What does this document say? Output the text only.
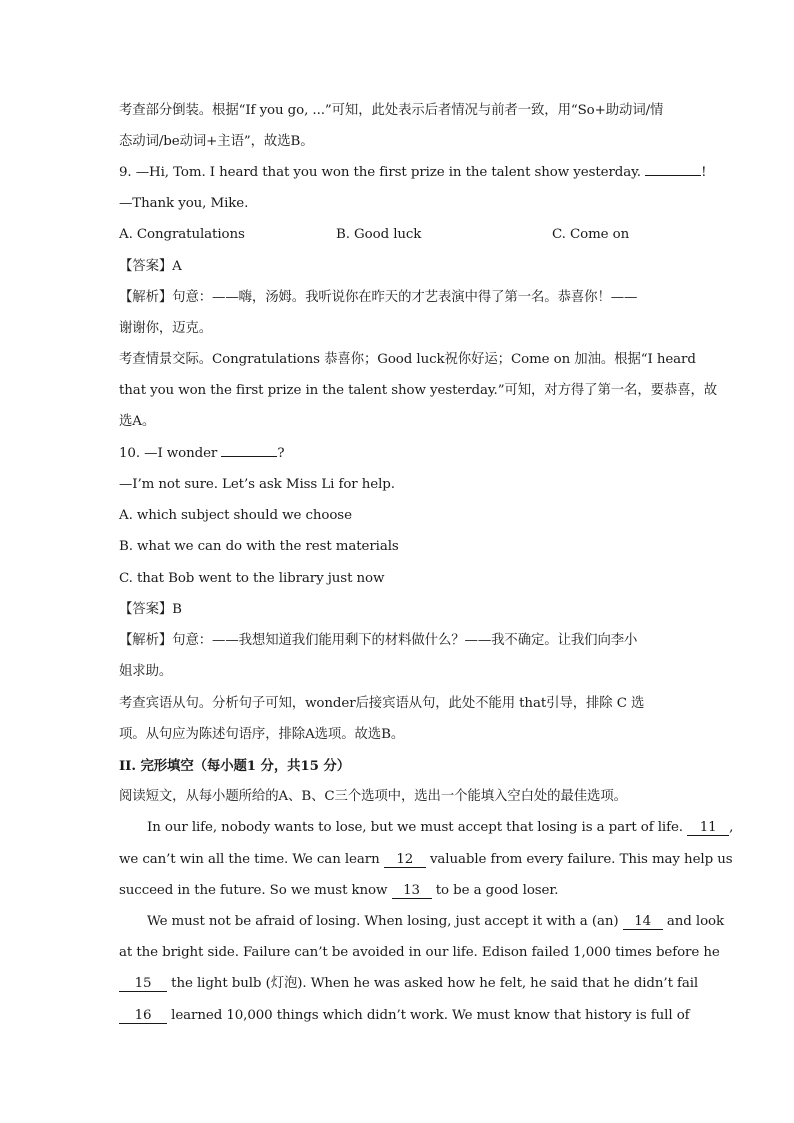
考查部分倒装。根据“If you go, ...”可知，此处表示后者情况与前者一致，用“So+助动词/情
态动词/be动词+主语”，故选B。
9. —Hi, Tom. I heard that you won the first prize in the talent show yesterday.	!
—Thank you, Mike.
A. Congratulations	B. Good luck	C. Come on
【答案】A
【解析】句意：——嗨，汤姆。我听说你在昨天的才艺表演中得了第一名。恭喜你！——
谢谢你，迈克。
考查情景交际。Congratulations 恭喜你；Good luck祝你好运；Come on 加油。根据“I heard
that you won the first prize in the talent show yesterday.”可知，对方得了第一名，要恭喜，故
选A。
10. —I wonder	?
—I’m not sure. Let’s ask Miss Li for help.
A. which subject should we choose
B. what we can do with the rest materials
C. that Bob went to the library just now
【答案】B
【解析】句意：——我想知道我们能用剩下的材料做什么？——我不确定。让我们向李小
姐求助。
考查宾语从句。分析句子可知，wonder后接宾语从句，此处不能用 that引导，排除 C 选
项。从句应为陈述句语序，排除A选项。故选B。
II. 完形填空（每小题1 分，共15 分）
阅读短文，从每小题所给的A、B、C三个选项中，选出一个能填入空白处的最佳选项。
In our life, nobody wants to lose, but we must accept that losing is a part of life. 11 ,
we can’t win all the time. We can learn 12 valuable from every failure. This may help us
succeed in the future. So we must know 13 to be a good loser.
We must not be afraid of losing. When losing, just accept it with a (an) 14 and look
at the bright side. Failure can’t be avoided in our life. Edison failed 1,000 times before he
15 the light bulb (灯泡). When he was asked how he felt, he said that he didn’t fail
16 learned 10,000 things which didn’t work. We must know that history is full of
